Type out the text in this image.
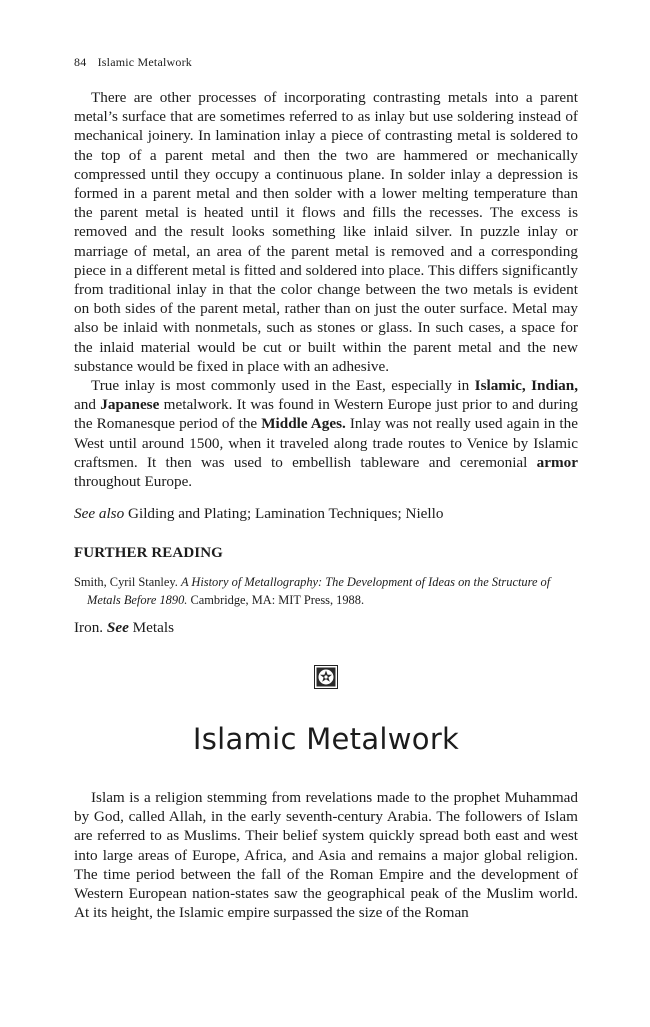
84 Islamic Metalwork

There are other processes of incorporating contrasting metals into a parent metal’s surface that are sometimes referred to as inlay but use soldering instead of mechanical joinery. In lamination inlay a piece of contrasting metal is soldered to the top of a parent metal and then the two are hammered or mechanically compressed until they occupy a continuous plane. In solder inlay a depression is formed in a parent metal and then solder with a lower melting temperature than the parent metal is heated until it flows and fills the recesses. The excess is removed and the result looks something like inlaid silver. In puzzle inlay or marriage of metal, an area of the parent metal is removed and a corresponding piece in a different metal is fitted and soldered into place. This differs significantly from traditional inlay in that the color change between the two metals is evident on both sides of the parent metal, rather than on just the outer surface. Metal may also be inlaid with nonmetals, such as stones or glass. In such cases, a space for the inlaid material would be cut or built within the parent metal and the new substance would be fixed in place with an adhesive.

True inlay is most commonly used in the East, especially in Islamic, Indian, and Japanese metalwork. It was found in Western Europe just prior to and during the Romanesque period of the Middle Ages. Inlay was not really used again in the West until around 1500, when it traveled along trade routes to Venice by Islamic craftsmen. It then was used to embellish tableware and ceremonial armor throughout Europe.

See also Gilding and Plating; Lamination Techniques; Niello
FURTHER READING
Smith, Cyril Stanley. A History of Metallography: The Development of Ideas on the Structure of
Metals Before 1890. Cambridge, MA: MIT Press, 1988.
Iron. See Metals
Islamic Metalwork

Islam is a religion stemming from revelations made to the prophet Muhammad by God, called Allah, in the early seventh-century Arabia. The followers of Islam are referred to as Muslims. Their belief system quickly spread both east and west into large areas of Europe, Africa, and Asia and remains a major global religion. The time period between the fall of the Roman Empire and the development of Western European nation-states saw the geographical peak of the Muslim world. At its height, the Islamic empire surpassed the size of the Roman
